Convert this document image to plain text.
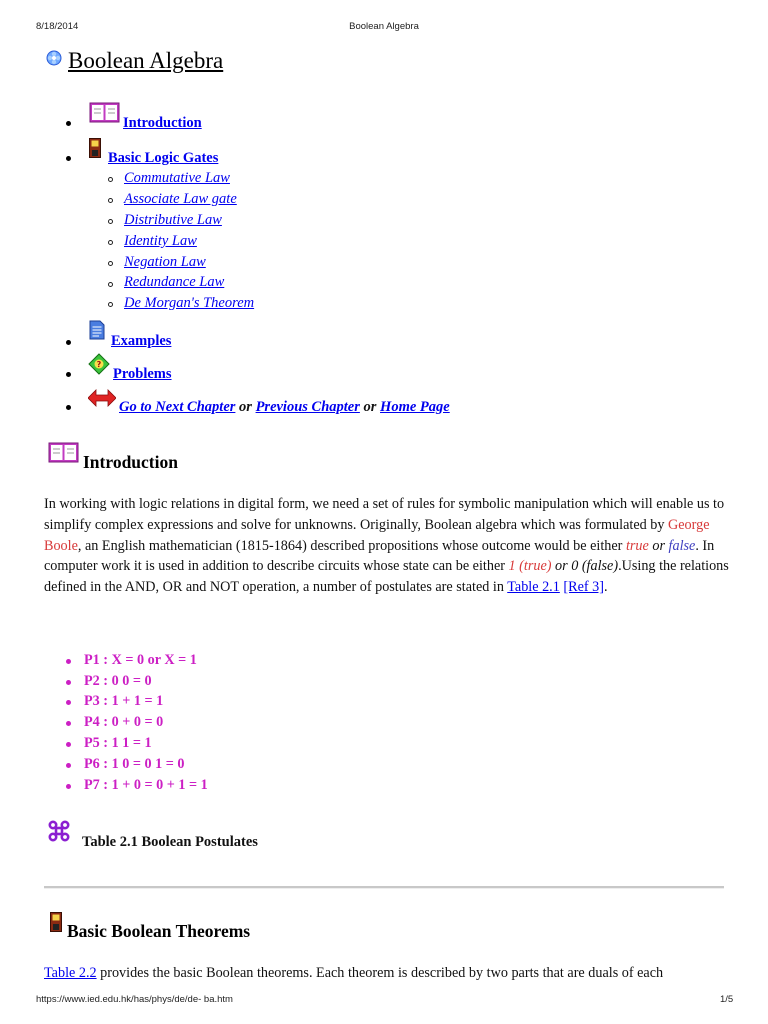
8/18/2014	Boolean Algebra
Boolean Algebra
Introduction
Basic Logic Gates
Commutative Law
Associate Law gate
Distributive Law
Identity Law
Negation Law
Redundance Law
De Morgan's Theorem
Examples
?
Problems
Go to Next Chapter or Previous Chapter or Home Page
Introduction
In working with logic relations in digital form, we need a set of rules for symbolic manipulation which will enable us to simplify complex expressions and solve for unknowns. Originally, Boolean algebra which was formulated by George Boole, an English mathematician (1815-1864) described propositions whose outcome would be either true or false. In computer work it is used in addition to describe circuits whose state can be either 1 (true) or 0 (false).Using the relations defined in the AND, OR and NOT operation, a number of postulates are stated in Table 2.1 [Ref 3].
P1 : X = 0 or X = 1
P2 : 0 0 = 0
P3 : 1 + 1 = 1
P4 : 0 + 0 = 0
P5 : 1 1 = 1
P6 : 1 0 = 0 1 = 0
P7 : 1 + 0 = 0 + 1 = 1
Table 2.1 Boolean Postulates
Basic Boolean Theorems
Table 2.2 provides the basic Boolean theorems. Each theorem is described by two parts that are duals of each
https://www.ied.edu.hk/has/phys/de/de- ba.htm	1/5
